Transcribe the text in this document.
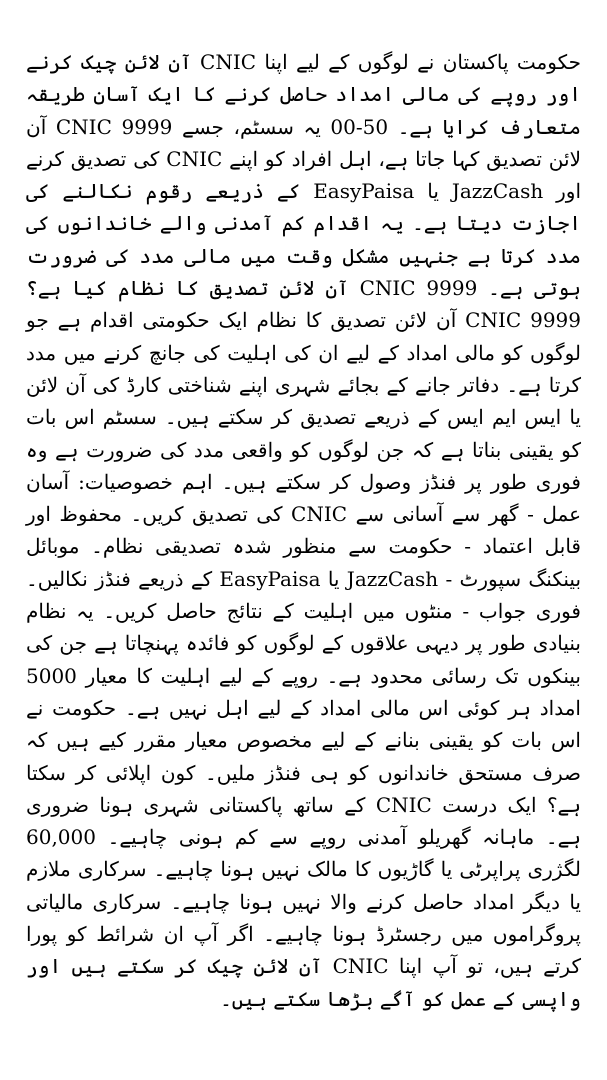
حکومت پاکستان نے لوگوں کے لیے اپنا CNIC آن لائن چیک کرنے اور روپے کی مالی امداد حاصل کرنے کا ایک آسان طریقہ متعارف کرایا ہے۔ 50-00 یہ سسٹم، جسے CNIC 9999 آن لائن تصدیق کہا جاتا ہے، اہل افراد کو اپنے CNIC کی تصدیق کرنے اور JazzCash یا EasyPaisa کے ذریعے رقوم نکالنے کی اجازت دیتا ہے۔ یہ اقدام کم آمدنی والے خاندانوں کی مدد کرتا ہے جنہیں مشکل وقت میں مالی مدد کی ضرورت ہوتی ہے۔ CNIC 9999 آن لائن تصدیق کا نظام کیا ہے؟ CNIC 9999 آن لائن تصدیق کا نظام ایک حکومتی اقدام ہے جو لوگوں کو مالی امداد کے لیے ان کی اہلیت کی جانچ کرنے میں مدد کرتا ہے۔ دفاتر جانے کے بجائے شہری اپنے شناختی کارڈ کی آن لائن یا ایس ایم ایس کے ذریعے تصدیق کر سکتے ہیں۔ سسٹم اس بات کو یقینی بناتا ہے کہ جن لوگوں کو واقعی مدد کی ضرورت ہے وہ فوری طور پر فنڈز وصول کر سکتے ہیں۔ اہم خصوصیات: آسان عمل - گھر سے آسانی سے CNIC کی تصدیق کریں۔ محفوظ اور قابل اعتماد - حکومت سے منظور شدہ تصدیقی نظام۔ موبائل بینکنگ سپورٹ - JazzCash یا EasyPaisa کے ذریعے فنڈز نکالیں۔ فوری جواب - منٹوں میں اہلیت کے نتائج حاصل کریں۔ یہ نظام بنیادی طور پر دیہی علاقوں کے لوگوں کو فائدہ پہنچاتا ہے جن کی بینکوں تک رسائی محدود ہے۔ روپے کے لیے اہلیت کا معیار 5000 امداد ہر کوئی اس مالی امداد کے لیے اہل نہیں ہے۔ حکومت نے اس بات کو یقینی بنانے کے لیے مخصوص معیار مقرر کیے ہیں کہ صرف مستحق خاندانوں کو ہی فنڈز ملیں۔ کون اپلائی کر سکتا ہے؟ ایک درست CNIC کے ساتھ پاکستانی شہری ہونا ضروری ہے۔ ماہانہ گھریلو آمدنی روپے سے کم ہونی چاہیے۔ 60,000 لگژری پراپرٹی یا گاڑیوں کا مالک نہیں ہونا چاہیے۔ سرکاری ملازم یا دیگر امداد حاصل کرنے والا نہیں ہونا چاہیے۔ سرکاری مالیاتی پروگراموں میں رجسٹرڈ ہونا چاہیے۔ اگر آپ ان شرائط کو پورا کرتے ہیں، تو آپ اپنا CNIC آن لائن چیک کر سکتے ہیں اور واپسی کے عمل کو آگے بڑھا سکتے ہیں۔
